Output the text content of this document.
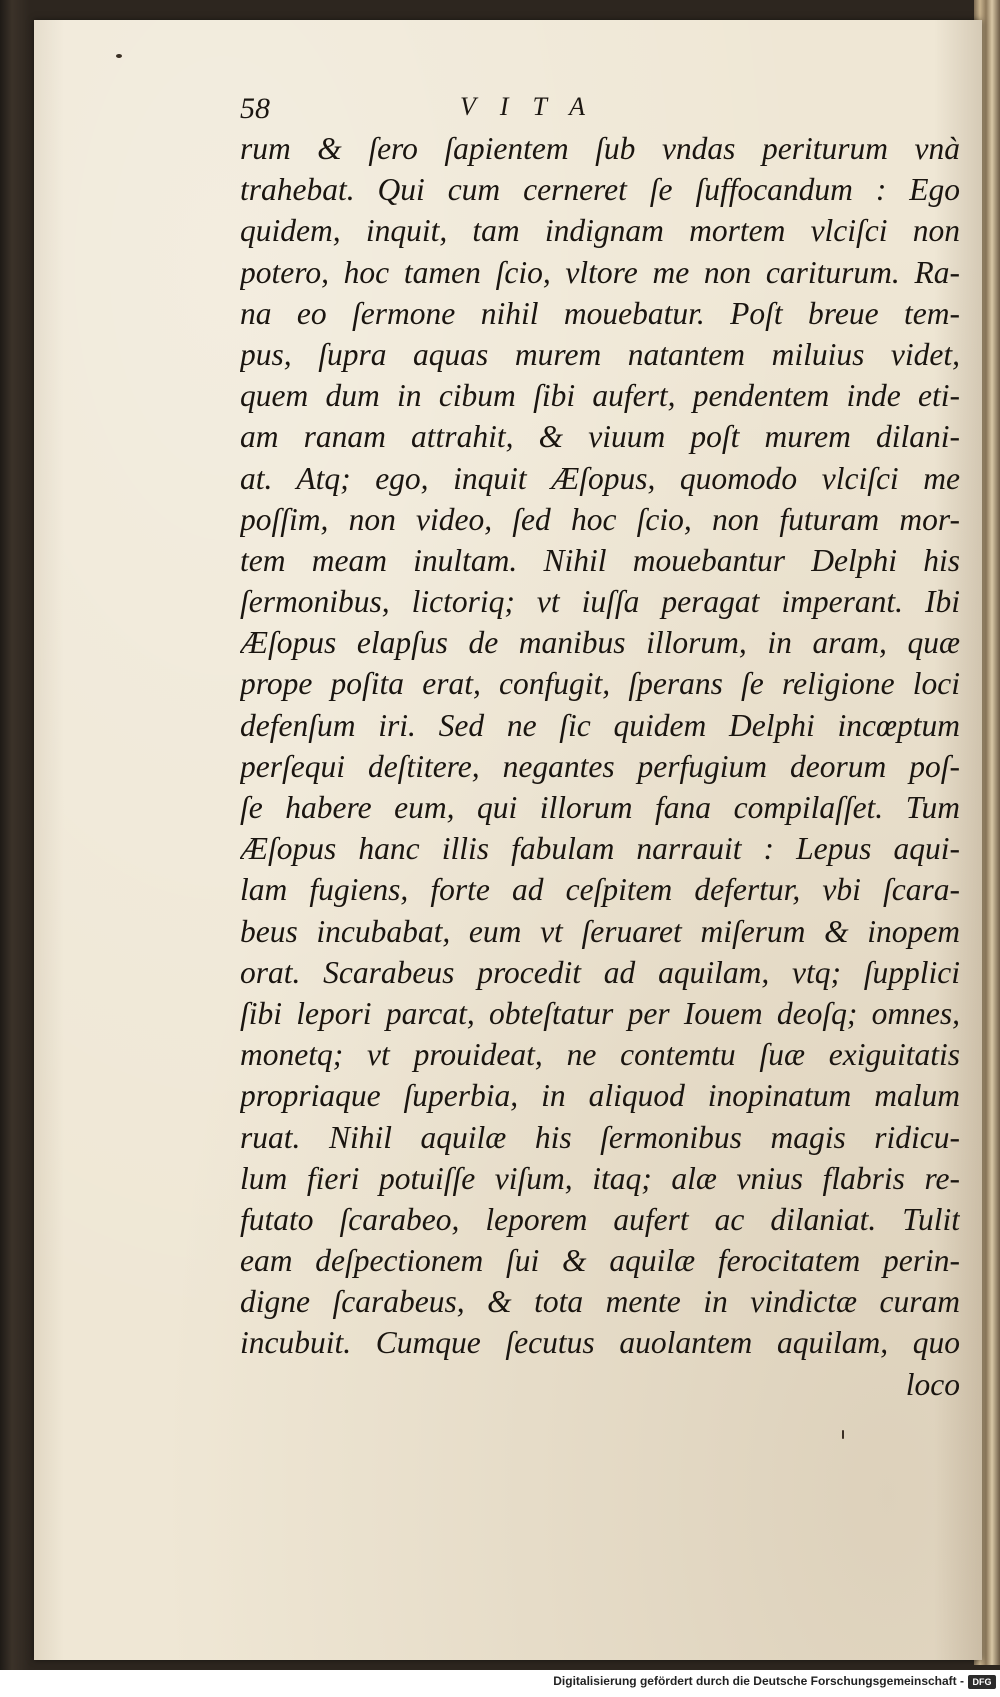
58	VITA
rum & ſero ſapientem ſub vndas periturum vnà
trahebat. Qui cum cerneret ſe ſuffocandum : Ego
quidem, inquit, tam indignam mortem vlciſci non
potero, hoc tamen ſcio, vltore me non cariturum. Ra-
na eo ſermone nihil mouebatur. Poſt breue tem-
pus, ſupra aquas murem natantem miluius videt,
quem dum in cibum ſibi aufert, pendentem inde eti-
am ranam attrahit, & viuum poſt murem dilani-
at. Atq; ego, inquit Æſopus, quomodo vlciſci me
poſſim, non video, ſed hoc ſcio, non futuram mor-
tem meam inultam. Nihil mouebantur Delphi his
ſermonibus, lictoriq; vt iuſſa peragat imperant. Ibi
Æſopus elapſus de manibus illorum, in aram, quæ
prope poſita erat, confugit, ſperans ſe religione loci
defenſum iri. Sed ne ſic quidem Delphi incœptum
perſequi deſtitere, negantes perfugium deorum poſ-
ſe habere eum, qui illorum fana compilaſſet. Tum
Æſopus hanc illis fabulam narrauit : Lepus aqui-
lam fugiens, forte ad ceſpitem defertur, vbi ſcara-
beus incubabat, eum vt ſeruaret miſerum & inopem
orat. Scarabeus procedit ad aquilam, vtq; ſupplici
ſibi lepori parcat, obteſtatur per Iouem deoſq; omnes,
monetq; vt prouideat, ne contemtu ſuæ exiguitatis
propriaque ſuperbia, in aliquod inopinatum malum
ruat. Nihil aquilæ his ſermonibus magis ridicu-
lum fieri potuiſſe viſum, itaq; alæ vnius flabris re-
futato ſcarabeo, leporem aufert ac dilaniat. Tulit
eam deſpectionem ſui & aquilæ ferocitatem perin-
digne ſcarabeus, & tota mente in vindictæ curam
incubuit. Cumque ſecutus auolantem aquilam, quo
loco
Digitalisierung gefördert durch die Deutsche Forschungsgemeinschaft - DFG
